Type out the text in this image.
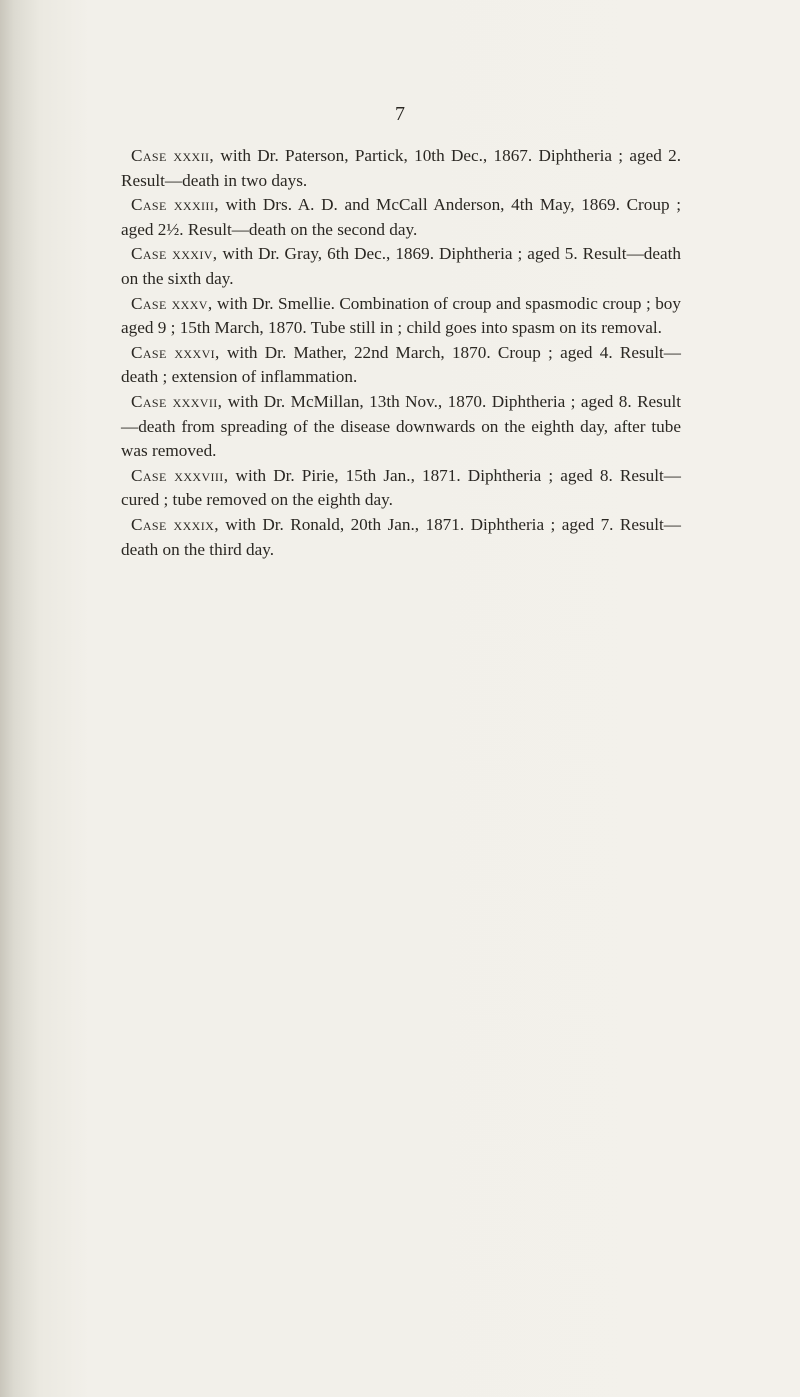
7

Case xxxii, with Dr. Paterson, Partick, 10th Dec., 1867. Diphtheria ; aged 2. Result—death in two days.

Case xxxiii, with Drs. A. D. and McCall Anderson, 4th May, 1869. Croup ; aged 2½. Result—death on the second day.

Case xxxiv, with Dr. Gray, 6th Dec., 1869. Diphtheria ; aged 5. Result—death on the sixth day.

Case xxxv, with Dr. Smellie. Combination of croup and spasmodic croup ; boy aged 9 ; 15th March, 1870. Tube still in ; child goes into spasm on its removal.

Case xxxvi, with Dr. Mather, 22nd March, 1870. Croup ; aged 4. Result—death ; extension of inflammation.

Case xxxvii, with Dr. McMillan, 13th Nov., 1870. Diphtheria ; aged 8. Result—death from spreading of the disease downwards on the eighth day, after tube was removed.

Case xxxviii, with Dr. Pirie, 15th Jan., 1871. Diphtheria ; aged 8. Result—cured ; tube removed on the eighth day.

Case xxxix, with Dr. Ronald, 20th Jan., 1871. Diphtheria ; aged 7. Result—death on the third day.
